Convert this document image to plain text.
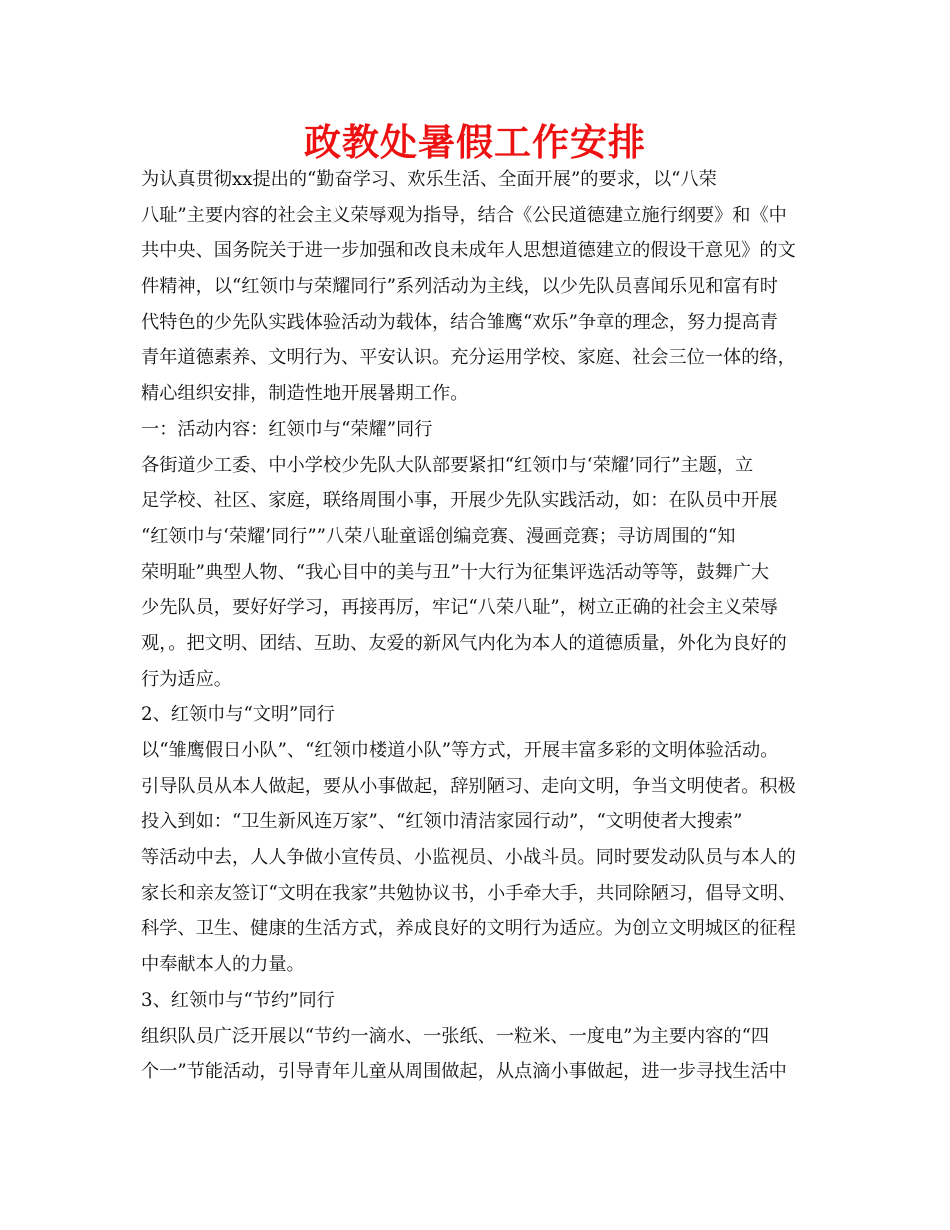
政教处暑假工作安排

为认真贯彻xx提出的“勤奋学习、欢乐生活、全面开展”的要求，以“八荣
八耻”主要内容的社会主义荣辱观为指导，结合《公民道德建立施行纲要》和《中
共中央、国务院关于进一步加强和改良未成年人思想道德建立的假设干意见》的文
件精神，以“红领巾与荣耀同行”系列活动为主线，以少先队员喜闻乐见和富有时
代特色的少先队实践体验活动为载体，结合雏鹰“欢乐”争章的理念，努力提高青
青年道德素养、文明行为、平安认识。充分运用学校、家庭、社会三位一体的络，
精心组织安排，制造性地开展暑期工作。

一：活动内容：红领巾与“荣耀”同行

各街道少工委、中小学校少先队大队部要紧扣“红领巾与‘荣耀’同行”主题，立
足学校、社区、家庭，联络周围小事，开展少先队实践活动，如：在队员中开展
“红领巾与‘荣耀’同行””八荣八耻童谣创编竞赛、漫画竞赛；寻访周围的“知
荣明耻”典型人物、“我心目中的美与丑”十大行为征集评选活动等等，鼓舞广大
少先队员，要好好学习，再接再厉，牢记“八荣八耻”，树立正确的社会主义荣辱
观，。把文明、团结、互助、友爱的新风气内化为本人的道德质量，外化为良好的
行为适应。

2、红领巾与“文明”同行

以“雏鹰假日小队”、“红领巾楼道小队”等方式，开展丰富多彩的文明体验活动。
引导队员从本人做起，要从小事做起，辞别陋习、走向文明，争当文明使者。积极
投入到如：“卫生新风连万家”、“红领巾清洁家园行动”，“文明使者大搜索”
等活动中去，人人争做小宣传员、小监视员、小战斗员。同时要发动队员与本人的
家长和亲友签订“文明在我家”共勉协议书，小手牵大手，共同除陋习，倡导文明、
科学、卫生、健康的生活方式，养成良好的文明行为适应。为创立文明城区的征程
中奉献本人的力量。

3、红领巾与“节约”同行

组织队员广泛开展以“节约一滴水、一张纸、一粒米、一度电”为主要内容的“四
个一”节能活动，引导青年儿童从周围做起，从点滴小事做起，进一步寻找生活中
